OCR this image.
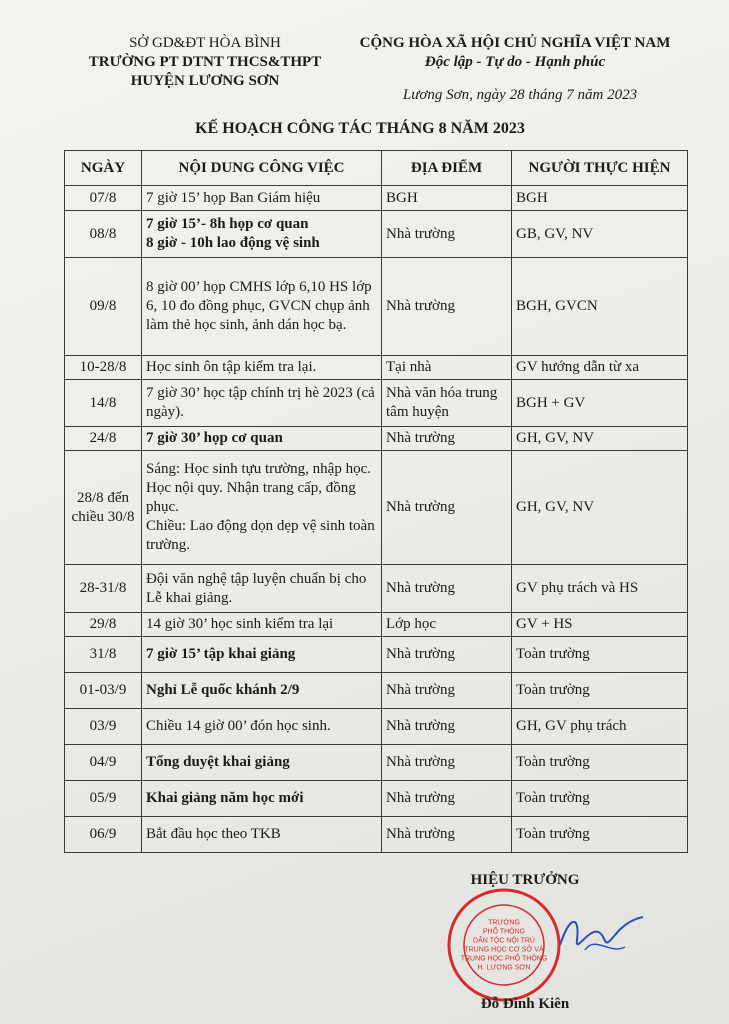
SỞ GD&ĐT HÒA BÌNH
TRƯỜNG PT DTNT THCS&THPT
HUYỆN LƯƠNG SƠN
CỘNG HÒA XÃ HỘI CHỦ NGHĨA VIỆT NAM
Độc lập - Tự do - Hạnh phúc
Lương Sơn, ngày 28 tháng 7 năm 2023
KẾ HOẠCH CÔNG TÁC THÁNG 8 NĂM 2023
NGÀY	NỘI DUNG CÔNG VIỆC	ĐỊA ĐIỂM	NGƯỜI THỰC HIỆN
07/8	7 giờ 15’ họp Ban Giám hiệu	BGH	BGH
08/8	7 giờ 15’- 8h họp cơ quan
8 giờ - 10h lao động vệ sinh	Nhà trường	GB, GV, NV
09/8	8 giờ 00’ họp CMHS lớp 6,10 HS lớp 6, 10 đo đồng phục, GVCN chụp ảnh làm thẻ học sinh, ảnh dán học bạ.	Nhà trường	BGH, GVCN
10-28/8	Học sinh ôn tập kiểm tra lại.	Tại nhà	GV hướng dẫn từ xa
14/8	7 giờ 30’ học tập chính trị hè 2023 (cả ngày).	Nhà văn hóa trung tâm huyện	BGH + GV
24/8	7 giờ 30’ họp cơ quan	Nhà trường	GH, GV, NV
28/8 đến chiều 30/8	Sáng: Học sinh tựu trường, nhập học. Học nội quy. Nhận trang cấp, đồng phục.
Chiều: Lao động dọn dẹp vệ sinh toàn trường.	Nhà trường	GH, GV, NV
28-31/8	Đội văn nghệ tập luyện chuẩn bị cho Lễ khai giảng.	Nhà trường	GV phụ trách và HS
29/8	14 giờ 30’ học sinh kiểm tra lại	Lớp học	GV + HS
31/8	7 giờ 15’ tập khai giảng	Nhà trường	Toàn trường
01-03/9	Nghỉ Lễ quốc khánh 2/9	Nhà trường	Toàn trường
03/9	Chiều 14 giờ 00’ đón học sinh.	Nhà trường	GH, GV phụ trách
04/9	Tổng duyệt khai giảng	Nhà trường	Toàn trường
05/9	Khai giảng năm học mới	Nhà trường	Toàn trường
06/9	Bắt đầu học theo TKB	Nhà trường	Toàn trường
HIỆU TRƯỞNG
TRƯỜNG
PHỔ THÔNG
DÂN TỘC NỘI TRÚ
TRUNG HỌC CƠ SỞ VÀ
TRUNG HỌC PHỔ THÔNG
H. LƯƠNG SƠN
Đỗ Đình Kiên
